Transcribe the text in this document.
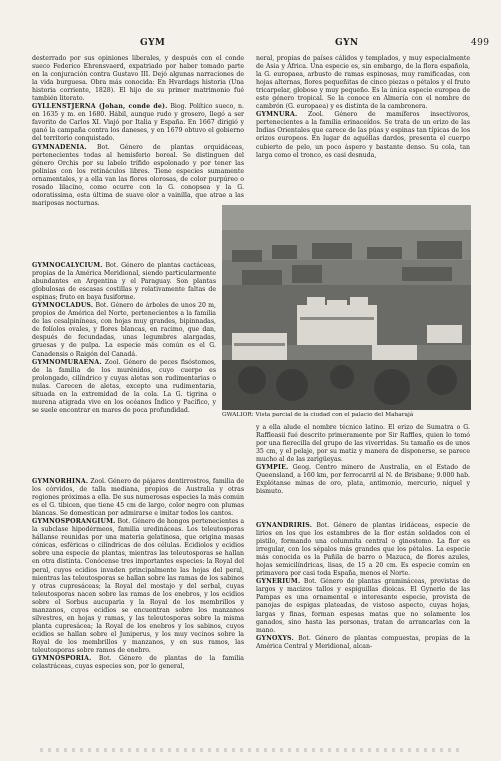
GYM	GYN	499
desterrado por sus opiniones liberales, y después con el conde sueco Federico Ehrensvaerd, expatriado por haber tomado parte en la conjuración contra Gustavo III. Dejó algunas narraciones de la vida burguesa. Obra más conocida: En Hvardags historia (Una historia corriente, 1828). El hijo de su primer matrimonio fué también literato.
GYLLENSTJERNA (Johan, conde de). Biog. Político sueco, n. en 1635 y m. en 1680. Hábil, aunque rudo y grosero, llegó a ser favorito de Carlos XI. Viajó por Italia y España. En 1667 dirigió y ganó la campaña contra los daneses, y en 1679 obtuvo el gobierno del territorio conquistado.
GYMNADENIA. Bot. Género de plantas orquidáceas, pertenecientes todas al hemisferio boreal. Se distinguen del género Orchis por su labelo trífido espolonado y por tener las polinias con los retináculos libres. Tiene especies sumamente ornamentales, y a ella van las flores olorosas, de color purpúreo o rosado lilacino, como ocurre con la G. conopsea y la G. odoratissima, esta última de suave olor a vainilla, que atrae a las mariposas nocturnas.
GYMNOCALYCIUM. Bot. Género de plantas cactáceas, propias de la América Meridional, siendo particularmente abundantes en Argentina y el Paraguay. Son plantas globulosas de escasas costillas y relativamente faltas de espinas; fruto en baya fusiforme.
GYMNOCLADUS. Bot. Género de árboles de unos 20 m, propios de América del Norte, pertenecientes a la familia de las cesalpiníneas, con hojas muy grandes, bipinnadas, de folíolos ovales, y flores blancas, en racimo, que dan, después de fecundadas, unas legumbres alargadas, gruesas y de pulpa. La especie más común es el G. Canadensis o Raigón del Canadá.
GYMNOMURAENA. Zool. Género de peces fisóstomos, de la familia de los murénidos, cuyo cuerpo es prolongado, cilíndrico y cuyas aletas son rudimentarias o nulas. Carecen de aletas, excepto una rudimentaria, situada en la extremidad de la cola. La G. tigrina o murena atigrada vive en los océanos Índico y Pacífico, y se suele encontrar en mares de poca profundidad.
GYMNORHINA. Zool. Género de pájaros dentirrostros, familia de los córvidos, de talla mediana, propios de Australia y otras regiones próximas a ella. De sus numerosas especies la más común es el G. tibicen, que tiene 45 cm de largo, color negro con plumas blancas. Se domestican por admirarse e imitar todos los cantos.
GYMNOSPORANGIUM. Bot. Género de hongos pertenecientes a la subclase hipodérmeos, familia uredináceas. Los teleutosporas hállanse reunidas por una materia gelatinosa, que origina masas cónicas, esféricas o cilíndricas de dos células. Ecidiolos y ecidios sobre una especie de plantas, mientras las teleutosporas se hallan en otra distinta. Conócense tres importantes especies: la Royal del peral, cuyos ecidios invaden principalmente las hojas del peral, mientras las teleutosporas se hallan sobre las ramas de los sabinos y otras cupresáceas; la Royal del mostajo y del serbal, cuyas teleutosporas nacen sobre las ramas de los enebros, y los ecidios sobre el Sorbus aucuparia y la Royal de los membrillos y manzanos, cuyos ecidios se encuentran sobre los manzanos silvestres, en hojas y ramas, y las teleutosporas sobre la misma planta cupresácea; la Royal de los enebros y los sabinos, cuyos ecidios se hallan sobre el Juniperus, y los muy vecinos sobre la Royal de los membrillos y manzanos, y en sus ramos, las teleutosporas sobre ramos de enebro.
GYMNOSPORIA. Bot. Género de plantas de la familia celastráceas, cuyas especies son, por lo general,
neral, propias de países cálidos y templados, y muy especialmente de Asia y África. Una especie es, sin embargo, de la flora española, la G. europaea, arbusto de ramas espinosas, muy ramificadas, con hojas alternas, flores pequeñitas de cinco piezas o pétalos y el fruto tricarpelar, globoso y muy pequeño. Es la única especie europea de este género tropical. Se la conoce en Almería con el nombre de cambrón (G. europaea) y es distinta de la cambronera.
GYMNURA. Zool. Género de mamíferos insectívoros, pertenecientes a la familia erinaceídos. Se trata de un erizo de las Indias Orientales que carece de las púas y espinas tan típicas de los erizos europeos. En lugar de aquéllas dardos, presenta el cuerpo cubierto de pelo, un poco áspero y bastante denso. Su cola, tan larga como el tronco, es casi desnuda,
GWALIOR: Vista parcial de la ciudad con el palacio del Maharajá
y a ella alude el nombre técnico latino. El erizo de Sumatra o G. Raffleasii fué descrito primeramente por Sir Raffles, quien lo tomó por una fierecilla del grupo de las viverridas. Su tamaño es de unos 35 cm, y el pelaje, por su matiz y manera de disponerse, se parece mucho al de las zarigüeyas.
GYMPIE. Geog. Centro minero de Australia, en el Estado de Queensland, a 160 km, por ferrocarril al N. de Brisbane; 9.000 hab. Explótanse minas de oro, plata, antimonio, mercurio, níquel y bismuto.
GYNANDRIRIS. Bot. Género de plantas iridáceas, especie de lirios en los que los estambres de la flor están soldados con el pistilo, formando una columnita central o ginostemo. La flor es irregular, con los sépalos más grandes que los pétalos. La especie más conocida es la Pañila de barro o Mazuca, de flores azules, hojas semicilíndricas, lisas, de 15 a 20 cm. Es especie común en primavera por casi toda España, menos el Norte.
GYNERIUM. Bot. Género de plantas gramináceas, provistas de largos y macizos tallos y espiguillas dioicas. El Gynerio de las Pampas es una ornamental e interesante especie, provista de panojas de espigas plateadas, de vistoso aspecto, cuyas hojas, largas y finas, forman espesas matas que no solamente los ganados, sino hasta las personas, tratan de arrancarlas con la mano.
GYNOXYS. Bot. Género de plantas compuestas, propias de la América Central y Meridional, alcan-
